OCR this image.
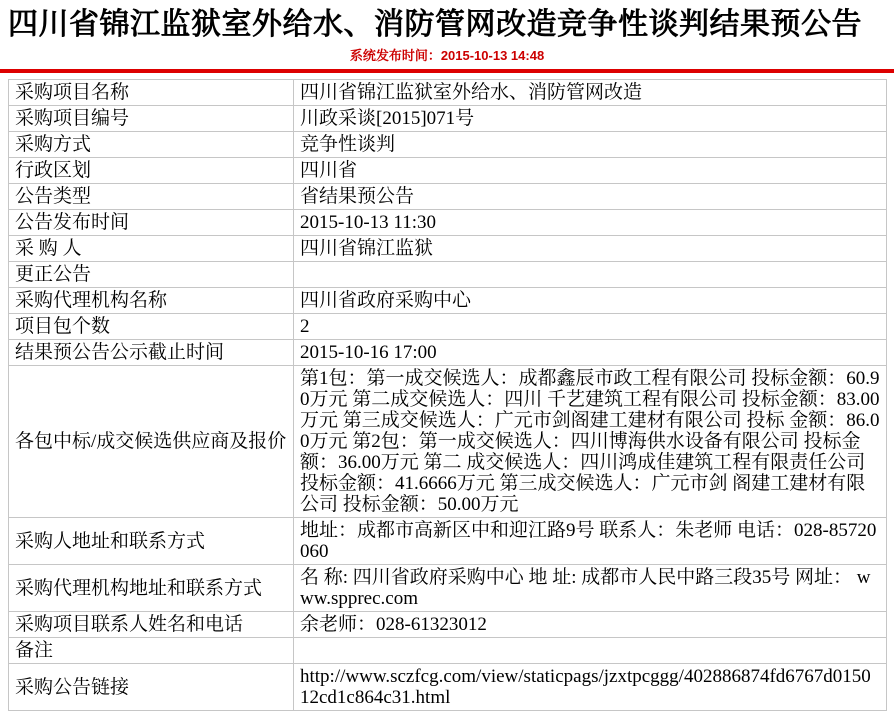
四川省锦江监狱室外给水、消防管网改造竞争性谈判结果预公告
系统发布时间：2015-10-13 14:48
采购项目名称	四川省锦江监狱室外给水、消防管网改造
采购项目编号	川政采谈[2015]071号
采购方式	竞争性谈判
行政区划	四川省
公告类型	省结果预公告
公告发布时间	2015-10-13 11:30
采 购 人	四川省锦江监狱
更正公告	
采购代理机构名称	四川省政府采购中心
项目包个数	2
结果预公告公示截止时间	2015-10-16 17:00
各包中标/成交候选供应商及报价	第1包：第一成交候选人：成都鑫辰市政工程有限公司 投标金额：60.90万元 第二成交候选人：四川 千艺建筑工程有限公司 投标金额：83.00万元 第三成交候选人：广元市剑阁建工建材有限公司 投标 金额：86.00万元 第2包：第一成交候选人：四川博海供水设备有限公司 投标金额：36.00万元 第二 成交候选人：四川鸿成佳建筑工程有限责任公司 投标金额：41.6666万元 第三成交候选人：广元市剑 阁建工建材有限公司 投标金额：50.00万元
采购人地址和联系方式	地址：成都市高新区中和迎江路9号 联系人：朱老师 电话：028-85720060
采购代理机构地址和联系方式	名 称: 四川省政府采购中心 地 址: 成都市人民中路三段35号 网址： www.spprec.com
采购项目联系人姓名和电话	余老师：028-61323012
备注	
采购公告链接	http://www.sczfcg.com/view/staticpags/jzxtpcggg/402886874fd6767d015012cd1c864c31.html
